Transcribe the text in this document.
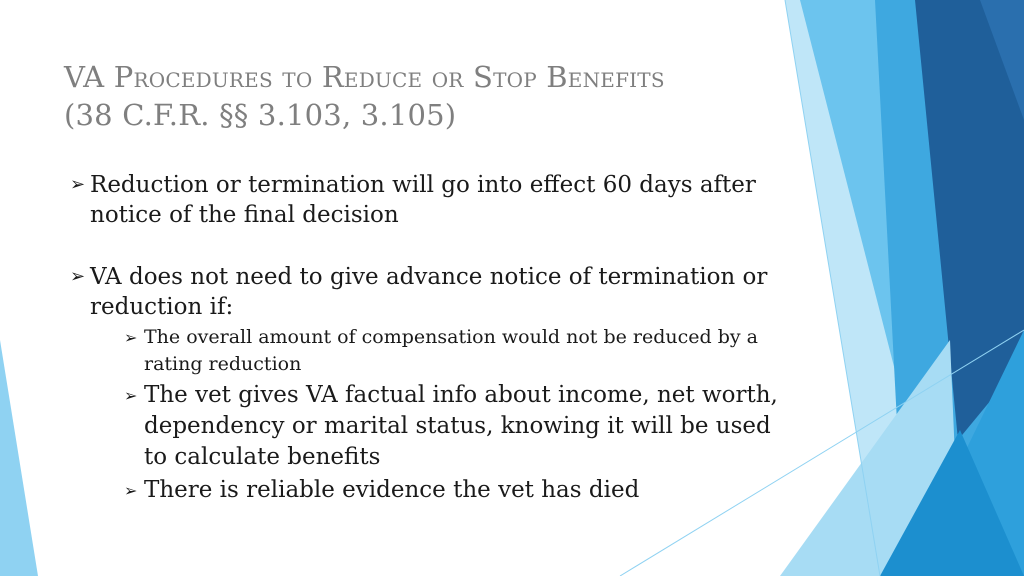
VA Procedures to Reduce or Stop Benefits
(38 C.F.R. §§ 3.103, 3.105)
➢ Reduction or termination will go into effect 60 days after notice of the final decision
➢ VA does not need to give advance notice of termination or reduction if:
➢ The overall amount of compensation would not be reduced by a rating reduction
➢ The vet gives VA factual info about income, net worth, dependency or marital status, knowing it will be used to calculate benefits
➢ There is reliable evidence the vet has died
